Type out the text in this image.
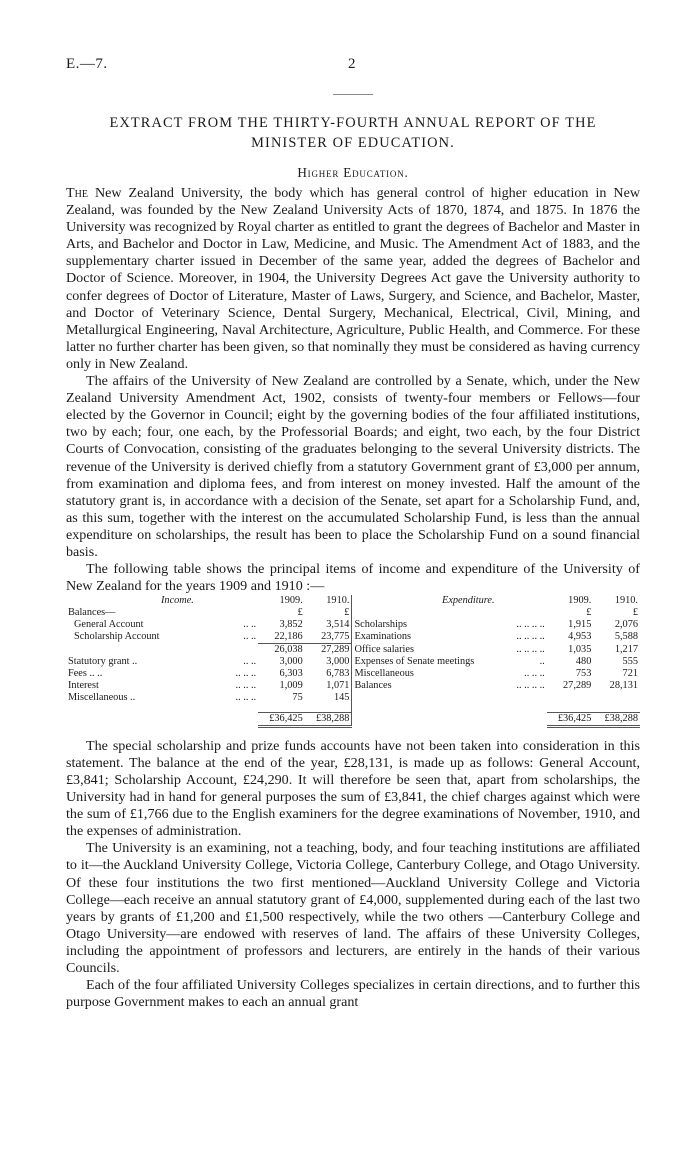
E.—7.	2

EXTRACT FROM THE THIRTY-FOURTH ANNUAL REPORT OF THE

MINISTER OF EDUCATION.

Higher Education.

The New Zealand University, the body which has general control of higher education in New Zealand, was founded by the New Zealand University Acts of 1870, 1874, and 1875. In 1876 the University was recognized by Royal charter as entitled to grant the degrees of Bachelor and Master in Arts, and Bachelor and Doctor in Law, Medicine, and Music. The Amendment Act of 1883, and the supplementary charter issued in December of the same year, added the degrees of Bachelor and Doctor of Science. Moreover, in 1904, the University Degrees Act gave the University authority to confer degrees of Doctor of Literature, Master of Laws, Surgery, and Science, and Bachelor, Master, and Doctor of Veterinary Science, Dental Surgery, Mechanical, Electrical, Civil, Mining, and Metallurgical Engineering, Naval Architecture, Agriculture, Public Health, and Commerce. For these latter no further charter has been given, so that nominally they must be considered as having currency only in New Zealand.

The affairs of the University of New Zealand are controlled by a Senate, which, under the New Zealand University Amendment Act, 1902, consists of twenty-four members or Fellows—four elected by the Governor in Council; eight by the governing bodies of the four affiliated institutions, two by each; four, one each, by the Professorial Boards; and eight, two each, by the four District Courts of Convocation, consisting of the graduates belonging to the several University districts. The revenue of the University is derived chiefly from a statutory Government grant of £3,000 per annum, from examination and diploma fees, and from interest on money invested. Half the amount of the statutory grant is, in accordance with a decision of the Senate, set apart for a Scholarship Fund, and, as this sum, together with the interest on the accumulated Scholarship Fund, is less than the annual expenditure on scholarships, the result has been to place the Scholarship Fund on a sound financial basis.

The following table shows the principal items of income and expenditure of the University of New Zealand for the years 1909 and 1910 :—

Income.		1909.	1910.	Expenditure.		1909.	1910.
Balances—		£	£			£	£
General Account	.. ..	3,852	3,514	Scholarships	.. .. .. ..	1,915	2,076
Scholarship Account	.. ..	22,186	23,775	Examinations	.. .. .. ..	4,953	5,588
		26,038	27,289	Office salaries	.. .. .. ..	1,035	1,217
Statutory grant ..	.. ..	3,000	3,000	Expenses of Senate meetings	..	480	555
Fees .. ..	.. .. ..	6,303	6,783	Miscellaneous	.. .. ..	753	721
Interest	.. .. ..	1,009	1,071	Balances	.. .. .. ..	27,289	28,131
Miscellaneous ..	.. .. ..	75	145				

		£36,425	£38,288			£36,425	£38,288

The special scholarship and prize funds accounts have not been taken into consideration in this statement. The balance at the end of the year, £28,131, is made up as follows: General Account, £3,841; Scholarship Account, £24,290. It will therefore be seen that, apart from scholarships, the University had in hand for general purposes the sum of £3,841, the chief charges against which were the sum of £1,766 due to the English examiners for the degree examinations of November, 1910, and the expenses of administration.

The University is an examining, not a teaching, body, and four teaching institutions are affiliated to it—the Auckland University College, Victoria College, Canterbury College, and Otago University. Of these four institutions the two first mentioned—Auckland University College and Victoria College—each receive an annual statutory grant of £4,000, supplemented during each of the last two years by grants of £1,200 and £1,500 respectively, while the two others —Canterbury College and Otago University—are endowed with reserves of land. The affairs of these University Colleges, including the appointment of professors and lecturers, are entirely in the hands of their various Councils.

Each of the four affiliated University Colleges specializes in certain directions, and to further this purpose Government makes to each an annual grant
